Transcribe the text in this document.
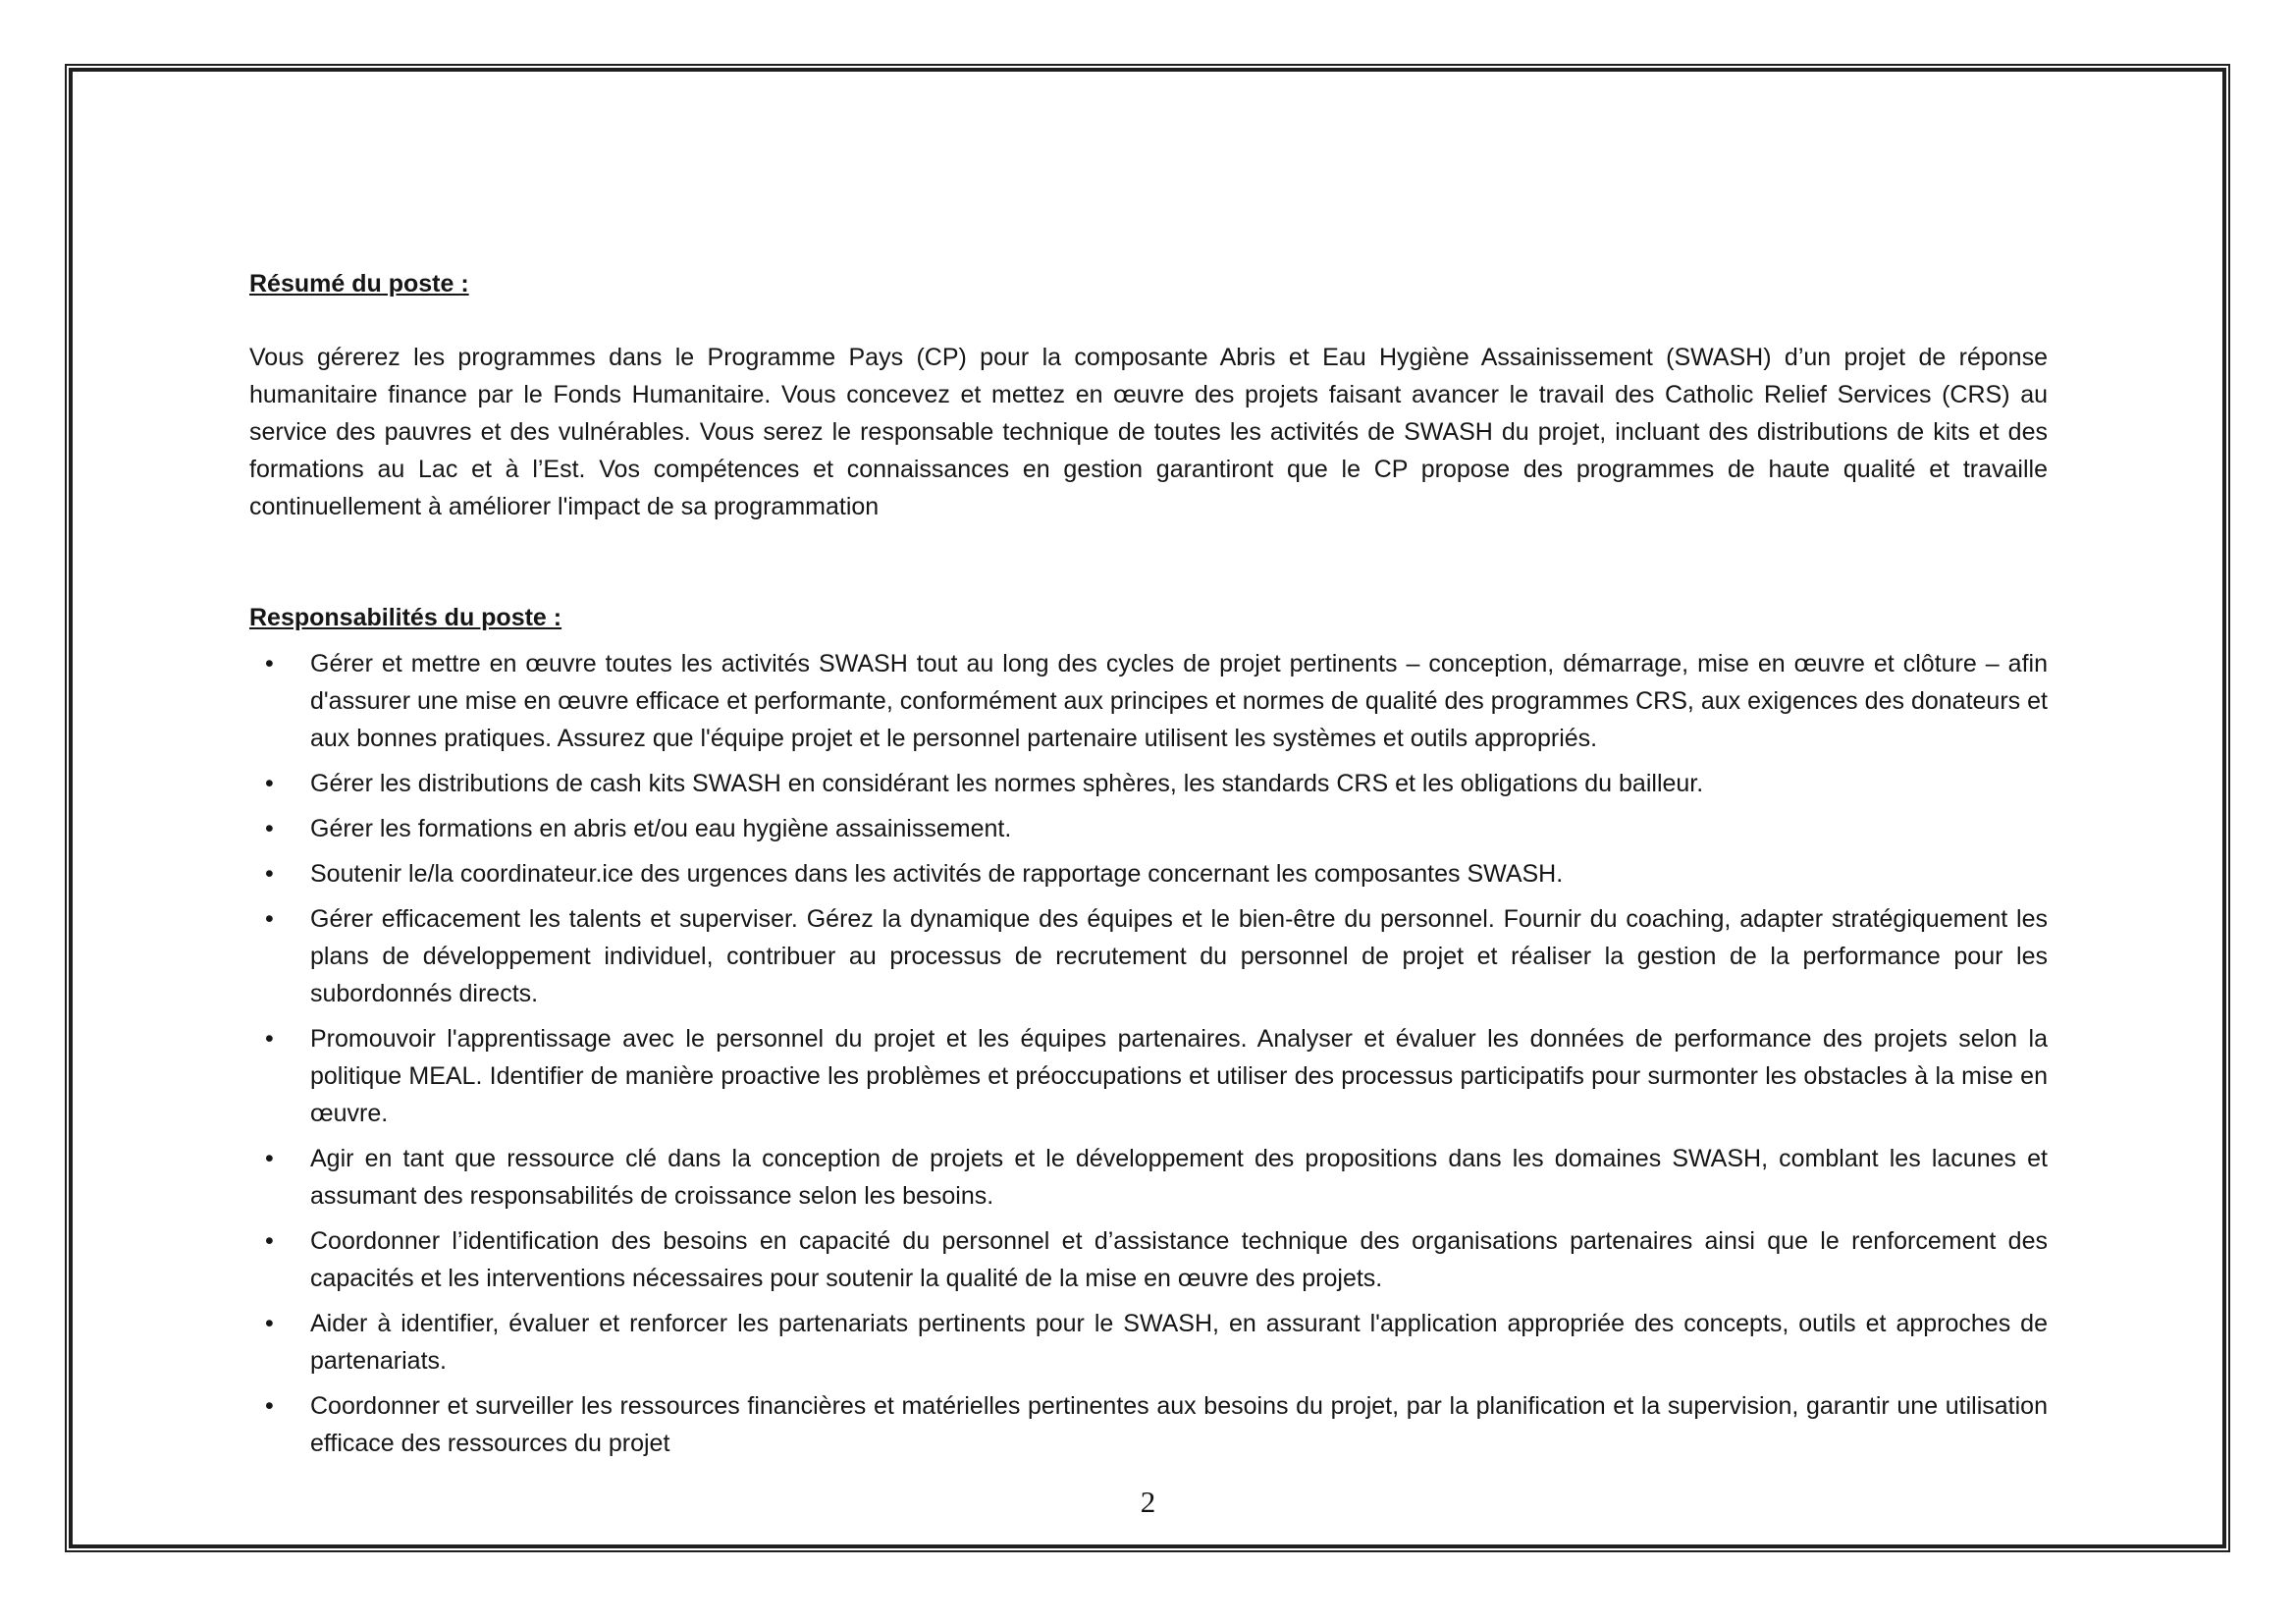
Résumé du poste :

Vous gérerez les programmes dans le Programme Pays (CP) pour la composante Abris et Eau Hygiène Assainissement (SWASH) d’un projet de réponse humanitaire finance par le Fonds Humanitaire. Vous concevez et mettez en œuvre des projets faisant avancer le travail des Catholic Relief Services (CRS) au service des pauvres et des vulnérables. Vous serez le responsable technique de toutes les activités de SWASH du projet, incluant des distributions de kits et des formations au Lac et à l’Est. Vos compétences et connaissances en gestion garantiront que le CP propose des programmes de haute qualité et travaille continuellement à améliorer l'impact de sa programmation

Responsabilités du poste :
• Gérer et mettre en œuvre toutes les activités SWASH tout au long des cycles de projet pertinents – conception, démarrage, mise en œuvre et clôture – afin d'assurer une mise en œuvre efficace et performante, conformément aux principes et normes de qualité des programmes CRS, aux exigences des donateurs et aux bonnes pratiques. Assurez que l'équipe projet et le personnel partenaire utilisent les systèmes et outils appropriés.
• Gérer les distributions de cash kits SWASH en considérant les normes sphères, les standards CRS et les obligations du bailleur.
• Gérer les formations en abris et/ou eau hygiène assainissement.
• Soutenir le/la coordinateur.ice des urgences dans les activités de rapportage concernant les composantes SWASH.
• Gérer efficacement les talents et superviser. Gérez la dynamique des équipes et le bien-être du personnel. Fournir du coaching, adapter stratégiquement les plans de développement individuel, contribuer au processus de recrutement du personnel de projet et réaliser la gestion de la performance pour les subordonnés directs.
• Promouvoir l'apprentissage avec le personnel du projet et les équipes partenaires. Analyser et évaluer les données de performance des projets selon la politique MEAL. Identifier de manière proactive les problèmes et préoccupations et utiliser des processus participatifs pour surmonter les obstacles à la mise en œuvre.
• Agir en tant que ressource clé dans la conception de projets et le développement des propositions dans les domaines SWASH, comblant les lacunes et assumant des responsabilités de croissance selon les besoins.
• Coordonner l’identification des besoins en capacité du personnel et d’assistance technique des organisations partenaires ainsi que le renforcement des capacités et les interventions nécessaires pour soutenir la qualité de la mise en œuvre des projets.
• Aider à identifier, évaluer et renforcer les partenariats pertinents pour le SWASH, en assurant l'application appropriée des concepts, outils et approches de partenariats.
• Coordonner et surveiller les ressources financières et matérielles pertinentes aux besoins du projet, par la planification et la supervision, garantir une utilisation efficace des ressources du projet
2
